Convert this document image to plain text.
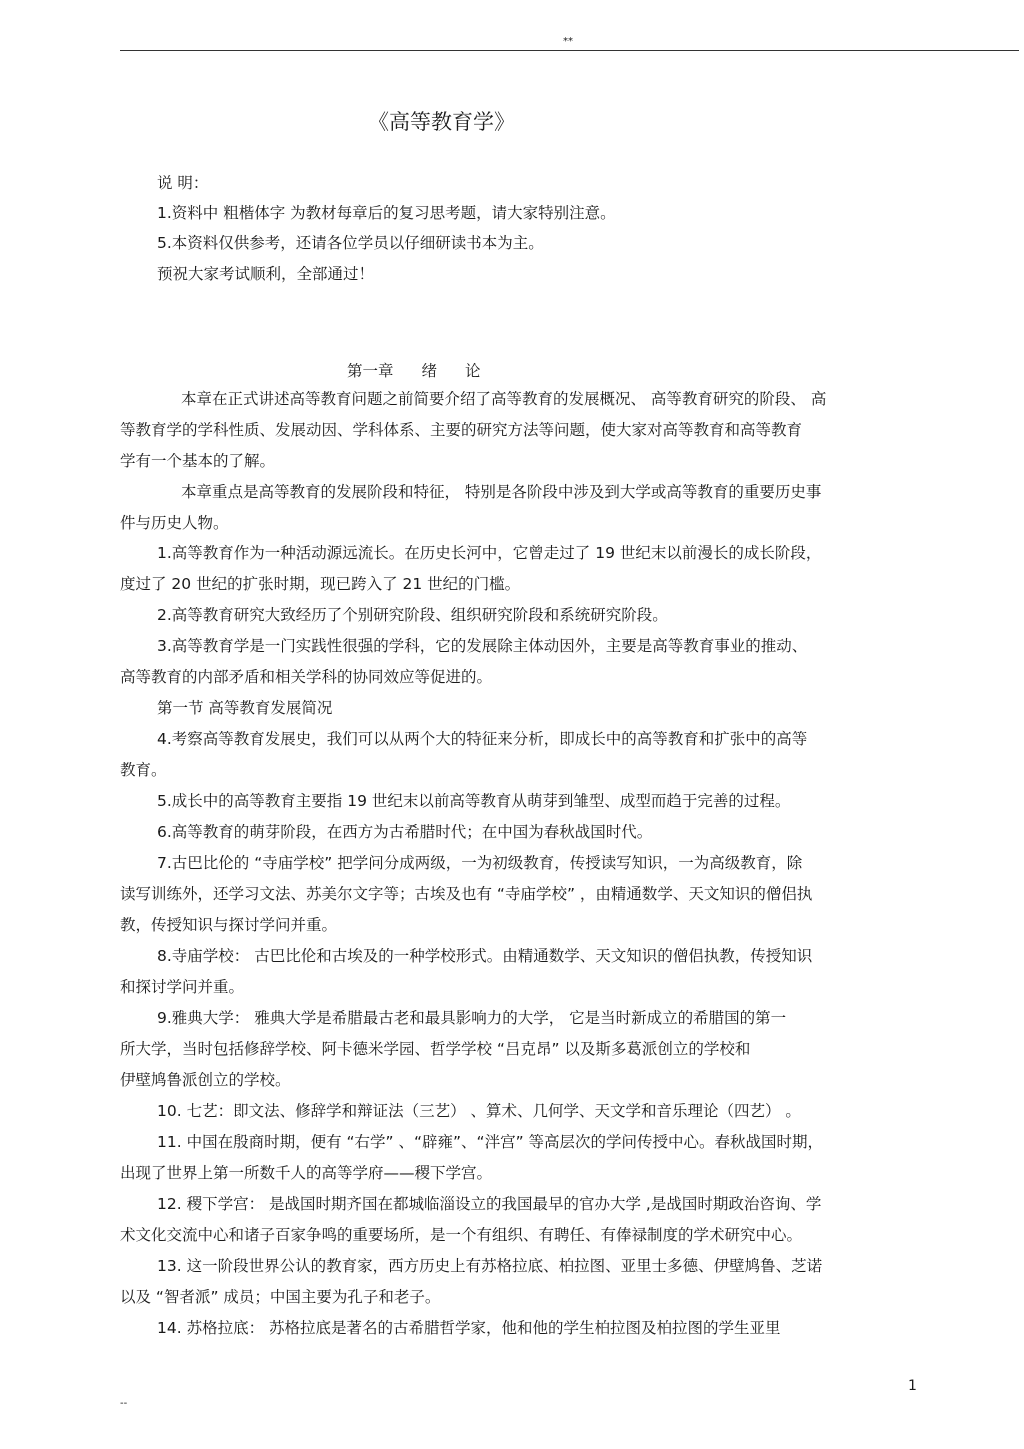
**
《高等教育学》
说 明：
1.资料中 粗楷体字 为教材每章后的复习思考题，请大家特别注意。
5.本资料仅供参考，还请各位学员以仔细研读书本为主。
预祝大家考试顺利，全部通过！
第一章 绪 论
本章在正式讲述高等教育问题之前简要介绍了高等教育的发展概况、 高等教育研究的阶段、 高
等教育学的学科性质、发展动因、学科体系、主要的研究方法等问题，使大家对高等教育和高等教育
学有一个基本的了解。
本章重点是高等教育的发展阶段和特征， 特别是各阶段中涉及到大学或高等教育的重要历史事
件与历史人物。
1.高等教育作为一种活动源远流长。在历史长河中，它曾走过了 19 世纪末以前漫长的成长阶段，
度过了 20 世纪的扩张时期，现已跨入了 21 世纪的门槛。
2.高等教育研究大致经历了个别研究阶段、组织研究阶段和系统研究阶段。
3.高等教育学是一门实践性很强的学科，它的发展除主体动因外，主要是高等教育事业的推动、
高等教育的内部矛盾和相关学科的协同效应等促进的。
第一节 高等教育发展简况
4.考察高等教育发展史，我们可以从两个大的特征来分析，即成长中的高等教育和扩张中的高等
教育。
5.成长中的高等教育主要指 19 世纪末以前高等教育从萌芽到雏型、成型而趋于完善的过程。
6.高等教育的萌芽阶段，在西方为古希腊时代；在中国为春秋战国时代。
7.古巴比伦的 “寺庙学校” 把学问分成两级，一为初级教育，传授读写知识，一为高级教育，除
读写训练外，还学习文法、苏美尔文字等；古埃及也有 “寺庙学校” ，由精通数学、天文知识的僧侣执
教，传授知识与探讨学问并重。
8.寺庙学校： 古巴比伦和古埃及的一种学校形式。由精通数学、天文知识的僧侣执教，传授知识
和探讨学问并重。
9.雅典大学： 雅典大学是希腊最古老和最具影响力的大学， 它是当时新成立的希腊国的第一
所大学，当时包括修辞学校、阿卡德米学园、哲学学校 “吕克昂” 以及斯多葛派创立的学校和
伊壁鸠鲁派创立的学校。
10. 七艺：即文法、修辞学和辩证法（三艺） 、算术、几何学、天文学和音乐理论（四艺） 。
11. 中国在殷商时期，便有 “右学” 、“辟雍”、“泮宫” 等高层次的学问传授中心。春秋战国时期，
出现了世界上第一所数千人的高等学府——稷下学宫。
12. 稷下学宫： 是战国时期齐国在都城临淄设立的我国最早的官办大学 ,是战国时期政治咨询、学
术文化交流中心和诸子百家争鸣的重要场所，是一个有组织、有聘任、有俸禄制度的学术研究中心。
13. 这一阶段世界公认的教育家，西方历史上有苏格拉底、柏拉图、亚里士多德、伊壁鸠鲁、芝诺
以及 “智者派” 成员；中国主要为孔子和老子。
14. 苏格拉底： 苏格拉底是著名的古希腊哲学家，他和他的学生柏拉图及柏拉图的学生亚里
1
--
